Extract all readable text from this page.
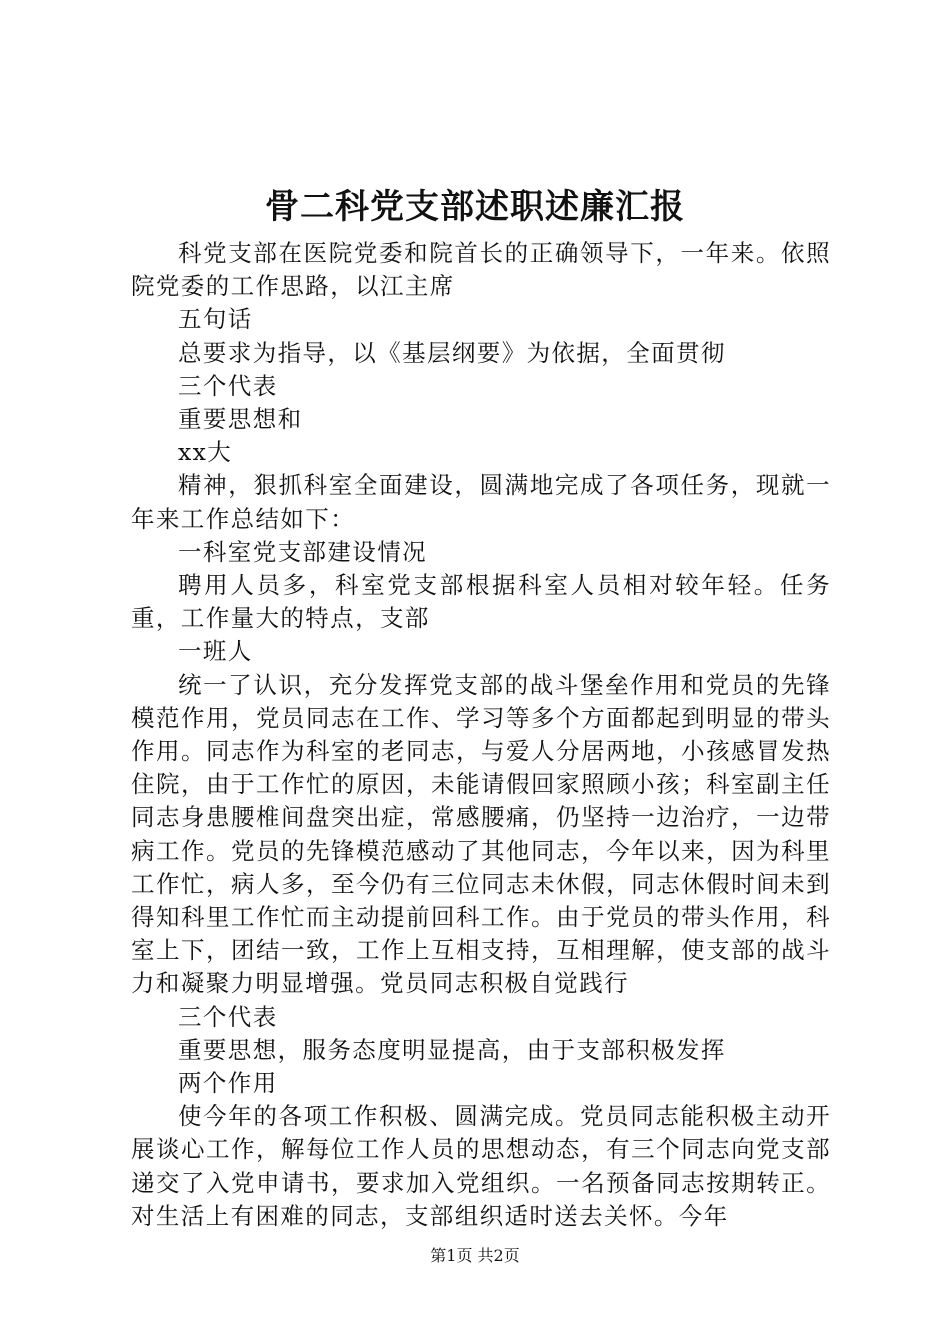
骨二科党支部述职述廉汇报

科党支部在医院党委和院首长的正确领导下，一年来。依照院党委的工作思路，以江主席

五句话

总要求为指导，以《基层纲要》为依据，全面贯彻

三个代表

重要思想和

xx大

精神，狠抓科室全面建设，圆满地完成了各项任务，现就一年来工作总结如下：

一科室党支部建设情况

聘用人员多，科室党支部根据科室人员相对较年轻。任务重，工作量大的特点，支部

一班人

统一了认识，充分发挥党支部的战斗堡垒作用和党员的先锋模范作用，党员同志在工作、学习等多个方面都起到明显的带头作用。同志作为科室的老同志，与爱人分居两地，小孩感冒发热住院，由于工作忙的原因，未能请假回家照顾小孩；科室副主任同志身患腰椎间盘突出症，常感腰痛，仍坚持一边治疗，一边带病工作。党员的先锋模范感动了其他同志，今年以来，因为科里工作忙，病人多，至今仍有三位同志未休假，同志休假时间未到得知科里工作忙而主动提前回科工作。由于党员的带头作用，科室上下，团结一致，工作上互相支持，互相理解，使支部的战斗力和凝聚力明显增强。党员同志积极自觉践行

三个代表

重要思想，服务态度明显提高，由于支部积极发挥

两个作用

使今年的各项工作积极、圆满完成。党员同志能积极主动开展谈心工作，解每位工作人员的思想动态，有三个同志向党支部递交了入党申请书，要求加入党组织。一名预备同志按期转正。对生活上有困难的同志，支部组织适时送去关怀。今年

第1页 共2页
